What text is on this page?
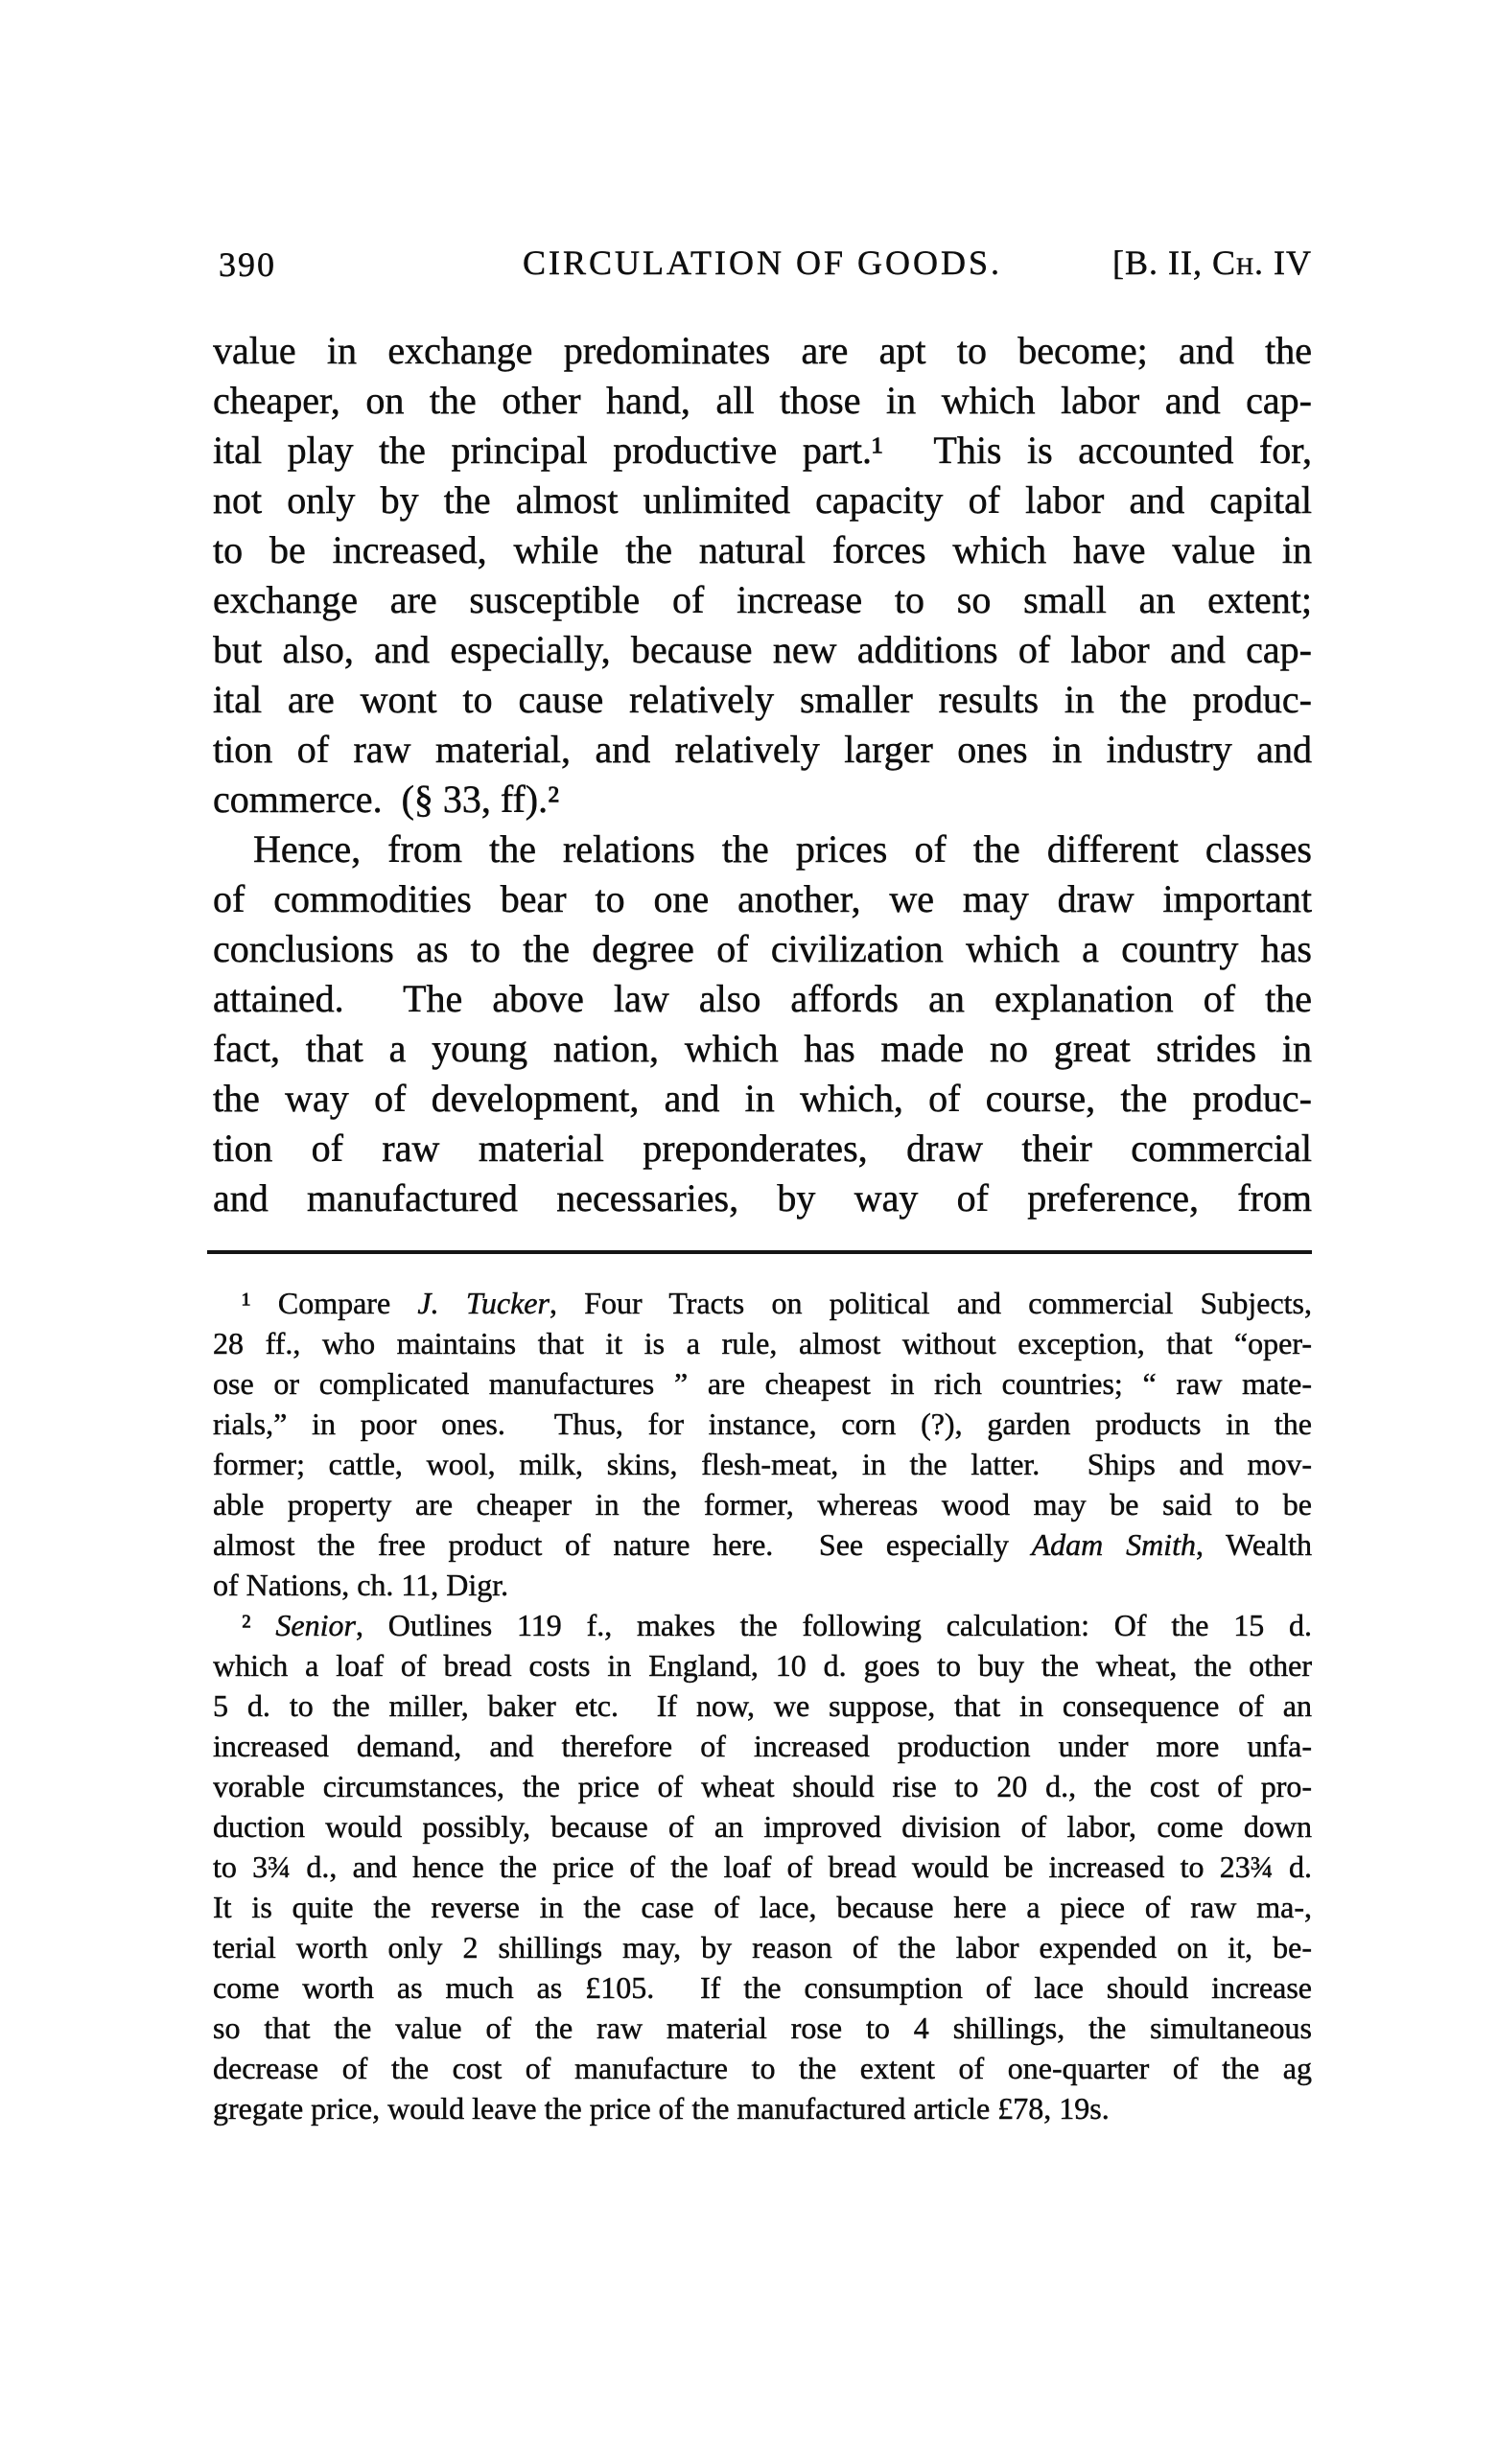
390	CIRCULATION OF GOODS.	[B. II, Ch. IV
value in exchange predominates are apt to become; and the
cheaper, on the other hand, all those in which labor and cap-
ital play the principal productive part.¹  This is accounted for,
not only by the almost unlimited capacity of labor and capital
to be increased, while the natural forces which have value in
exchange are susceptible of increase to so small an extent;
but also, and especially, because new additions of labor and cap-
ital are wont to cause relatively smaller results in the produc-
tion of raw material, and relatively larger ones in industry and
commerce.  (§ 33, ff).²
Hence, from the relations the prices of the different classes
of commodities bear to one another, we may draw important
conclusions as to the degree of civilization which a country has
attained.  The above law also affords an explanation of the
fact, that a young nation, which has made no great strides in
the way of development, and in which, of course, the produc-
tion of raw material preponderates, draw their commercial
and manufactured necessaries, by way of preference, from
¹ Compare J. Tucker, Four Tracts on political and commercial Subjects,
28 ff., who maintains that it is a rule, almost without exception, that “oper-
ose or complicated manufactures ” are cheapest in rich countries; “ raw mate-
rials,” in poor ones.  Thus, for instance, corn (?), garden products in the
former; cattle, wool, milk, skins, flesh-meat, in the latter.  Ships and mov-
able property are cheaper in the former, whereas wood may be said to be
almost the free product of nature here.  See especially Adam Smith, Wealth
of Nations, ch. 11, Digr.
² Senior, Outlines 119 f., makes the following calculation: Of the 15 d.
which a loaf of bread costs in England, 10 d. goes to buy the wheat, the other
5 d. to the miller, baker etc.  If now, we suppose, that in consequence of an
increased demand, and therefore of increased production under more unfa-
vorable circumstances, the price of wheat should rise to 20 d., the cost of pro-
duction would possibly, because of an improved division of labor, come down
to 3¾ d., and hence the price of the loaf of bread would be increased to 23¾ d.
It is quite the reverse in the case of lace, because here a piece of raw ma-,
terial worth only 2 shillings may, by reason of the labor expended on it, be-
come worth as much as £105.  If the consumption of lace should increase
so that the value of the raw material rose to 4 shillings, the simultaneous
decrease of the cost of manufacture to the extent of one-quarter of the ag
gregate price, would leave the price of the manufactured article £78, 19s.
